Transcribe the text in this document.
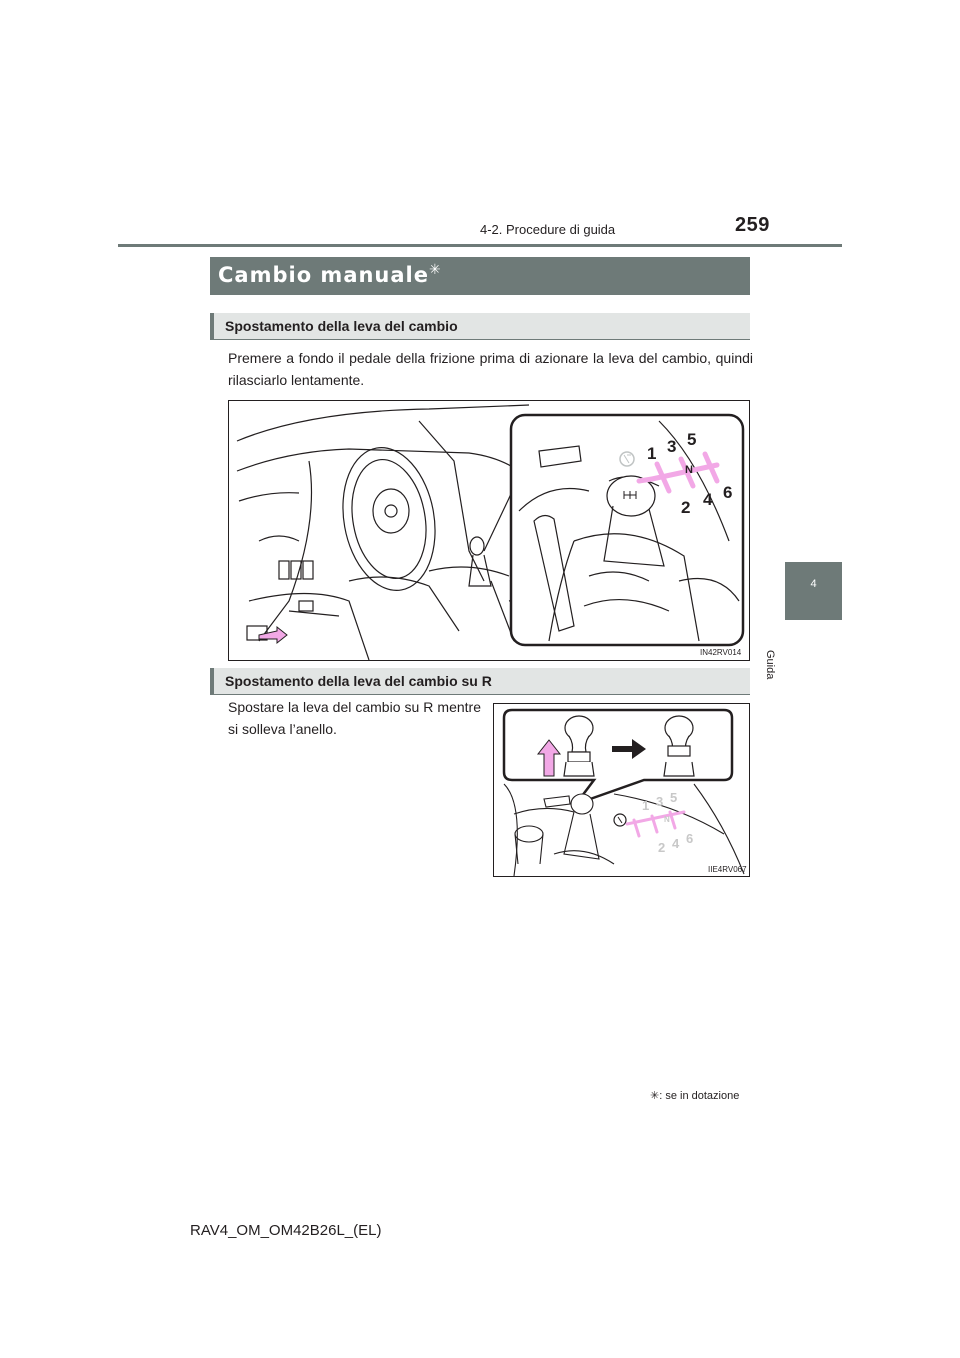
4-2. Procedure di guida	259
4
Guida
Cambio manuale✳
Spostamento della leva del cambio
Premere a fondo il pedale della frizione prima di azionare la leva del cambio, quindi rilasciarlo lentamente.
1 3 5
N
2 4 6
IN42RV014
Spostamento della leva del cambio su R
Spostare la leva del cambio su R mentre si solleva l’anello.
1 3 5
N
2 4 6
IIE4RV067
✳: se in dotazione
RAV4_OM_OM42B26L_(EL)
